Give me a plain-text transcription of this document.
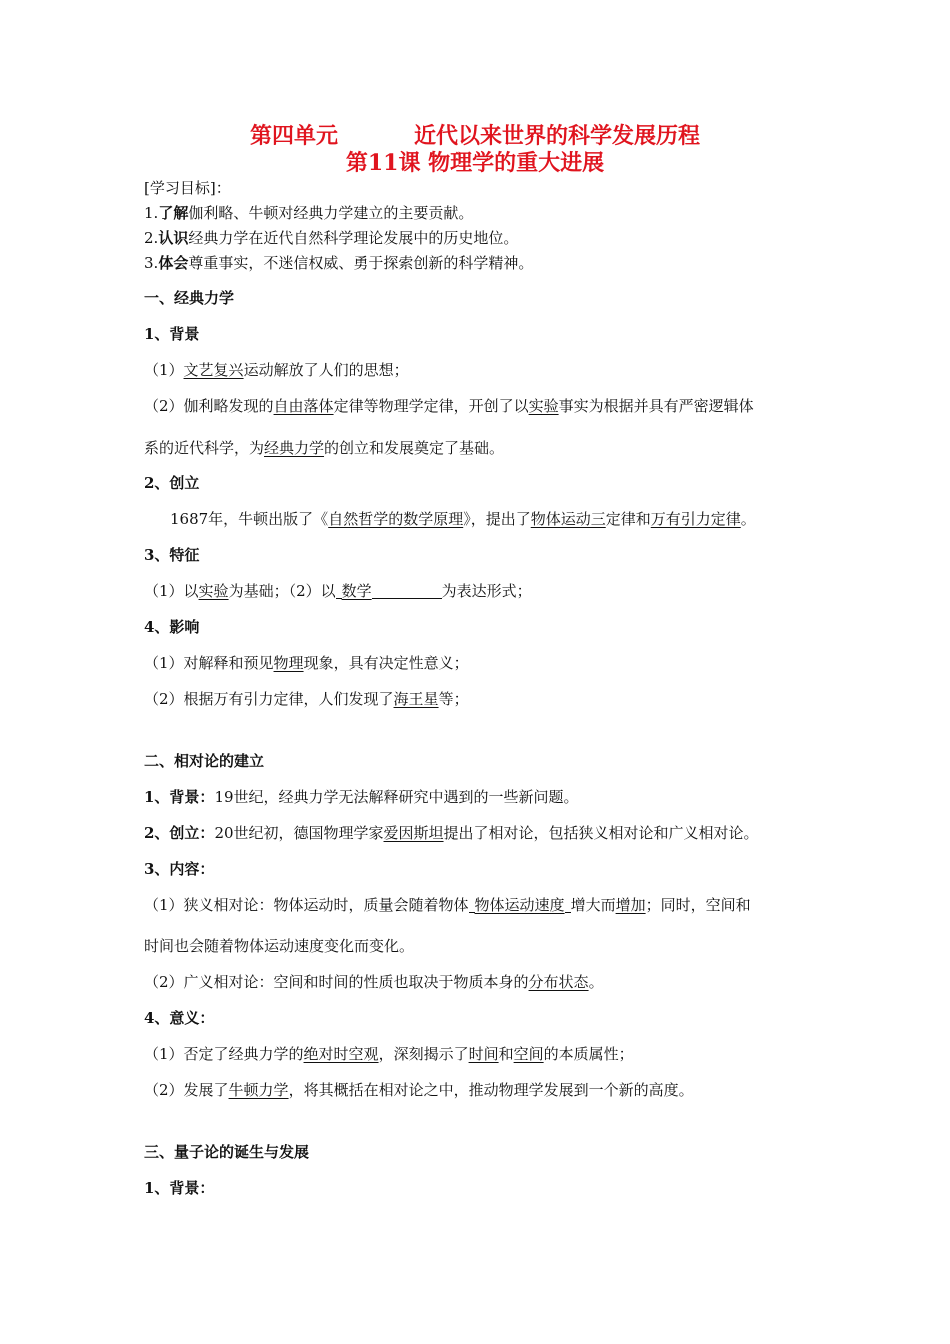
第四单元	近代以来世界的科学发展历程
第11课 物理学的重大进展
[学习目标]：
1.了解伽利略、牛顿对经典力学建立的主要贡献。
2.认识经典力学在近代自然科学理论发展中的历史地位。
3.体会尊重事实，不迷信权威、勇于探索创新的科学精神。
一、经典力学
1、背景
（1）文艺复兴运动解放了人们的思想；
（2）伽利略发现的自由落体定律等物理学定律，开创了以实验事实为根据并具有严密逻辑体
系的近代科学，为经典力学的创立和发展奠定了基础。
2、创立
1687年，牛顿出版了《自然哲学的数学原理》，提出了物体运动三定律和万有引力定律。
3、特征
（1）以实验为基础；（2）以 数学	为表达形式；
4、影响
（1）对解释和预见物理现象，具有决定性意义；
（2）根据万有引力定律，人们发现了海王星等；
二、相对论的建立
1、背景：19世纪，经典力学无法解释研究中遇到的一些新问题。
2、创立：20世纪初，德国物理学家爱因斯坦提出了相对论，包括狭义相对论和广义相对论。
3、内容：
（1）狭义相对论：物体运动时，质量会随着物体 物体运动速度 增大而增加；同时，空间和
时间也会随着物体运动速度变化而变化。
（2）广义相对论：空间和时间的性质也取决于物质本身的分布状态。
4、意义：
（1）否定了经典力学的绝对时空观，深刻揭示了时间和空间的本质属性；
（2）发展了牛顿力学，将其概括在相对论之中，推动物理学发展到一个新的高度。
三、量子论的诞生与发展
1、背景：
